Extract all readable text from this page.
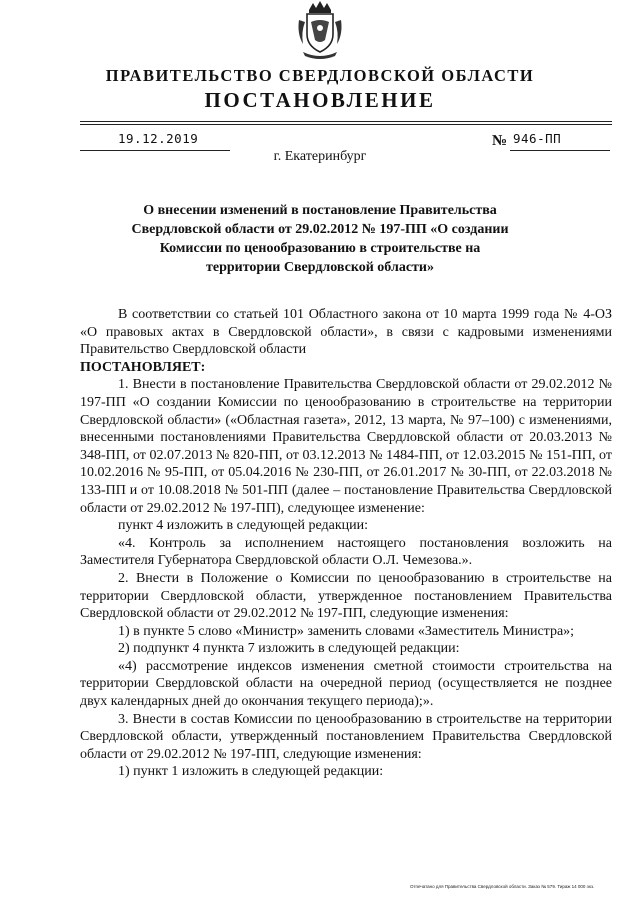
ПРАВИТЕЛЬСТВО СВЕРДЛОВСКОЙ ОБЛАСТИ
ПОСТАНОВЛЕНИЕ
19.12.2019	№ 946-ПП
г. Екатеринбург
О внесении изменений в постановление Правительства Свердловской области от 29.02.2012 № 197-ПП «О создании Комиссии по ценообразованию в строительстве на территории Свердловской области»

В соответствии со статьей 101 Областного закона от 10 марта 1999 года № 4-ОЗ «О правовых актах в Свердловской области», в связи с кадровыми изменениями Правительство Свердловской области

ПОСТАНОВЛЯЕТ:

1. Внести в постановление Правительства Свердловской области от 29.02.2012 № 197-ПП «О создании Комиссии по ценообразованию в строительстве на территории Свердловской области» («Областная газета», 2012, 13 марта, № 97–100) с изменениями, внесенными постановлениями Правительства Свердловской области от 20.03.2013 № 348-ПП, от 02.07.2013 № 820-ПП, от 03.12.2013 № 1484-ПП, от 12.03.2015 № 151-ПП, от 10.02.2016 № 95-ПП, от 05.04.2016 № 230-ПП, от 26.01.2017 № 30-ПП, от 22.03.2018 № 133-ПП и от 10.08.2018 № 501-ПП (далее – постановление Правительства Свердловской области от 29.02.2012 № 197-ПП), следующее изменение:

пункт 4 изложить в следующей редакции:

«4. Контроль за исполнением настоящего постановления возложить на Заместителя Губернатора Свердловской области О.Л. Чемезова.».

2. Внести в Положение о Комиссии по ценообразованию в строительстве на территории Свердловской области, утвержденное постановлением Правительства Свердловской области от 29.02.2012 № 197-ПП, следующие изменения:

1) в пункте 5 слово «Министр» заменить словами «Заместитель Министра»;

2) подпункт 4 пункта 7 изложить в следующей редакции:

«4) рассмотрение индексов изменения сметной стоимости строительства на территории Свердловской области на очередной период (осуществляется не позднее двух календарных дней до окончания текущего периода);».

3. Внести в состав Комиссии по ценообразованию в строительстве на территории Свердловской области, утвержденный постановлением Правительства Свердловской области от 29.02.2012 № 197-ПП, следующие изменения:

1) пункт 1 изложить в следующей редакции:

Отпечатано для Правительства Свердловской области. Заказ № 579. Тираж 14 000 экз.
